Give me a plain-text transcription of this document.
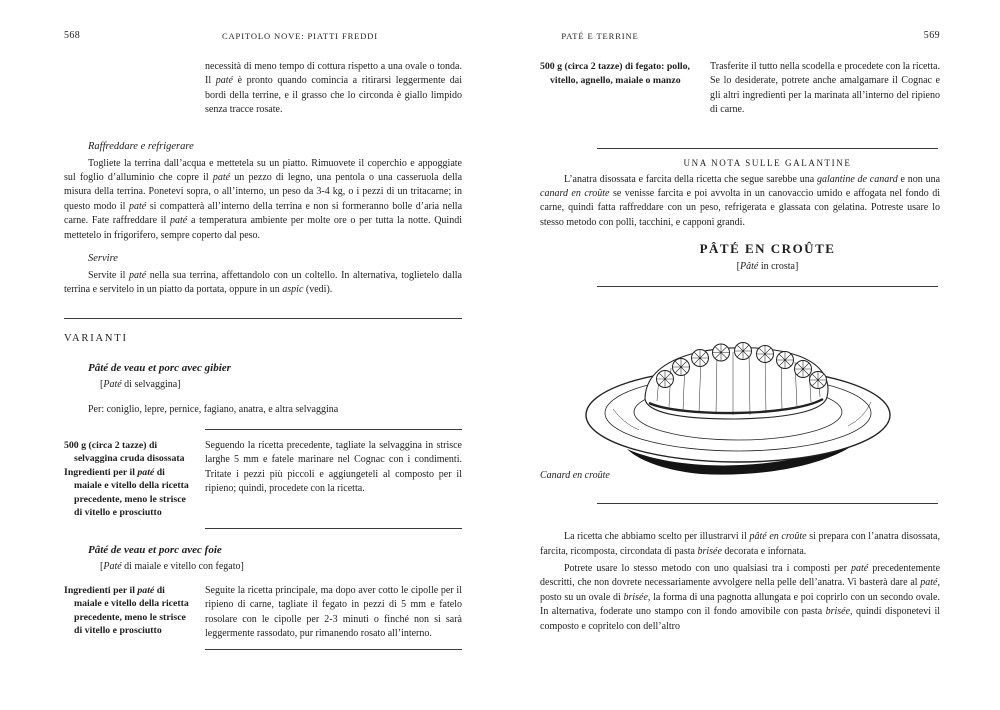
568	CAPITOLO NOVE: PIATTI FREDDI

necessità di meno tempo di cottura rispetto a una ovale o tonda. Il paté è pronto quando comincia a ritirarsi leggermente dai bordi della terrine, e il grasso che lo circonda è giallo limpido senza tracce rosate.

Raffreddare e refrigerare

Togliete la terrina dall’acqua e mettetela su un piatto. Rimuovete il coperchio e appoggiate sul foglio d’alluminio che copre il paté un pezzo di legno, una pentola o una casseruola della misura della terrina. Ponetevi sopra, o all’interno, un peso da 3-4 kg, o i pezzi di un tritacarne; in questo modo il paté si compatterà all’interno della terrina e non si formeranno bolle d’aria nella carne. Fate raffreddare il paté a temperatura ambiente per molte ore o per tutta la notte. Quindi mettetelo in frigorifero, sempre coperto dal peso.

Servire

Servite il paté nella sua terrina, affettandolo con un coltello. In alternativa, toglietelo dalla terrina e servitelo in un piatto da portata, oppure in un aspic (vedi).

VARIANTI
Pâté de veau et porc avec gibier

[Paté di selvaggina]

Per: coniglio, lepre, pernice, fagiano, anatra, e altra selvaggina

500 g (circa 2 tazze) di selvaggina cruda disossata

Ingredienti per il paté di maiale e vitello della ricetta precedente, meno le strisce di vitello e prosciutto

Seguendo la ricetta precedente, tagliate la selvaggina in strisce larghe 5 mm e fatele marinare nel Cognac con i condimenti. Tritate i pezzi più piccoli e aggiungeteli al composto per il ripieno; quindi, procedete con la ricetta.

Pâté de veau et porc avec foie

[Paté di maiale e vitello con fegato]

Ingredienti per il paté di maiale e vitello della ricetta precedente, meno le strisce di vitello e prosciutto

Seguite la ricetta principale, ma dopo aver cotto le cipolle per il ripieno di carne, tagliate il fegato in pezzi di 5 mm e fatelo rosolare con le cipolle per 2-3 minuti o finché non si sarà leggermente rassodato, pur rimanendo rosato all’interno.

PATÉ E TERRINE	569

500 g (circa 2 tazze) di fegato: pollo, vitello, agnello, maiale o manzo

Trasferite il tutto nella scodella e procedete con la ricetta. Se lo desiderate, potrete anche amalgamare il Cognac e gli altri ingredienti per la marinata all’interno del ripieno di carne.

UNA NOTA SULLE GALANTINE

L’anatra disossata e farcita della ricetta che segue sarebbe una galantine de canard e non una canard en croûte se venisse farcita e poi avvolta in un canovaccio umido e affogata nel fondo di carne, quindi fatta raffreddare con un peso, refrigerata e glassata con gelatina. Potreste usare lo stesso metodo con polli, tacchini, e capponi grandi.

PÂTÉ EN CROÛTE

[Pâté in crosta]

Canard en croûte

La ricetta che abbiamo scelto per illustrarvi il pâté en croûte si prepara con l’anatra disossata, farcita, ricomposta, circondata di pasta brisée decorata e infornata.

Potrete usare lo stesso metodo con uno qualsiasi tra i composti per paté precedentemente descritti, che non dovrete necessariamente avvolgere nella pelle dell’anatra. Vi basterà dare al paté, posto su un ovale di brisée, la forma di una pagnotta allungata e poi coprirlo con un secondo ovale. In alternativa, foderate uno stampo con il fondo amovibile con pasta brisée, quindi disponetevi il composto e copritelo con dell’altro
